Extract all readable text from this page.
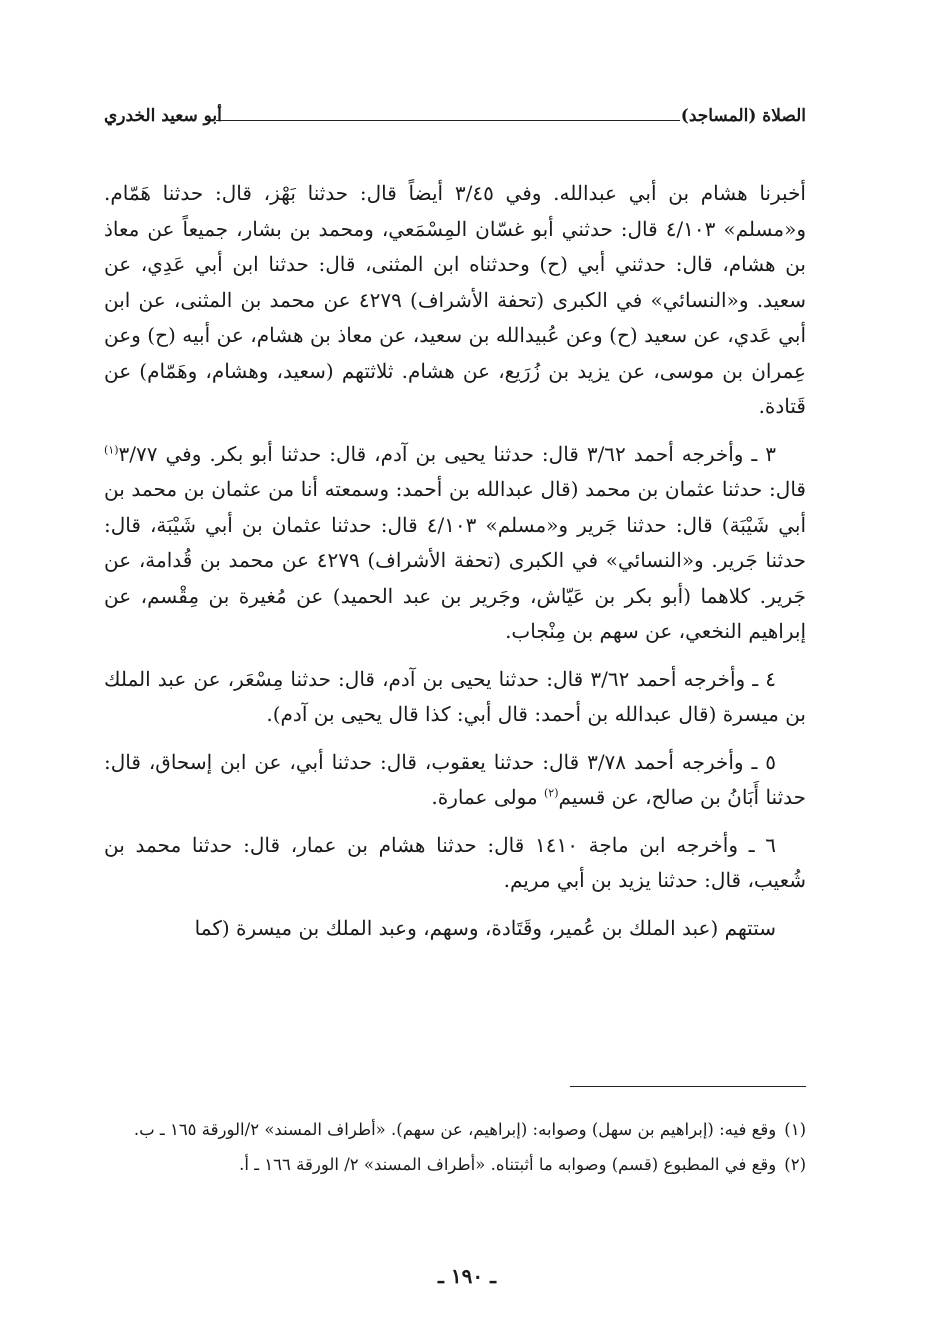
الصلاة (المساجد)
أبو سعيد الخدري

أخبرنا هشام بن أبي عبدالله. وفي ٣/٤٥ أيضاً قال: حدثنا بَهْز، قال: حدثنا هَمّام. و«مسلم» ٤/١٠٣ قال: حدثني أبو غسّان المِسْمَعي، ومحمد بن بشار، جميعاً عن معاذ بن هشام، قال: حدثني أبي (ح) وحدثناه ابن المثنى، قال: حدثنا ابن أبي عَدِي، عن سعيد. و«النسائي» في الكبرى (تحفة الأشراف) ٤٢٧٩ عن محمد بن المثنى، عن ابن أبي عَدي، عن سعيد (ح) وعن عُبيدالله بن سعيد، عن معاذ بن هشام، عن أبيه (ح) وعن عِمران بن موسى، عن يزيد بن زُرَيع، عن هشام. ثلاثتهم (سعيد، وهشام، وهَمّام) عن قَتادة.

٣ ـ وأخرجه أحمد ٣/٦٢ قال: حدثنا يحيى بن آدم، قال: حدثنا أبو بكر. وفي ٣/٧٧$^{(١)}$ قال: حدثنا عثمان بن محمد (قال عبدالله بن أحمد: وسمعته أنا من عثمان بن محمد بن أبي شَيْبَة) قال: حدثنا جَرير و«مسلم» ٤/١٠٣ قال: حدثنا عثمان بن أبي شَيْبَة، قال: حدثنا جَرير. و«النسائي» في الكبرى (تحفة الأشراف) ٤٢٧٩ عن محمد بن قُدامة، عن جَرير. كلاهما (أبو بكر بن عَيّاش، وجَرير بن عبد الحميد) عن مُغيرة بن مِقْسم، عن إبراهيم النخعي، عن سهم بن مِنْجاب.

٤ ـ وأخرجه أحمد ٣/٦٢ قال: حدثنا يحيى بن آدم، قال: حدثنا مِسْعَر، عن عبد الملك بن ميسرة (قال عبدالله بن أحمد: قال أبي: كذا قال يحيى بن آدم).

٥ ـ وأخرجه أحمد ٣/٧٨ قال: حدثنا يعقوب، قال: حدثنا أبي، عن ابن إسحاق، قال: حدثنا أَبَانُ بن صالح، عن قسيم$^{(٢)}$ مولى عمارة.

٦ ـ وأخرجه ابن ماجة ١٤١٠ قال: حدثنا هشام بن عمار، قال: حدثنا محمد بن شُعيب، قال: حدثنا يزيد بن أبي مريم.

ستتهم (عبد الملك بن عُمير، وقَتَادة، وسهم، وعبد الملك بن ميسرة (كما

(١)وقع فيه: (إبراهيم بن سهل) وصوابه: (إبراهيم، عن سهم). «أطراف المسند» ٢/الورقة ١٦٥ ـ ب.

(٢)وقع في المطبوع (قسم) وصوابه ما أثبتناه. «أطراف المسند» ٢/ الورقة ١٦٦ ـ أ.

ـ ١٩٠ ـ
